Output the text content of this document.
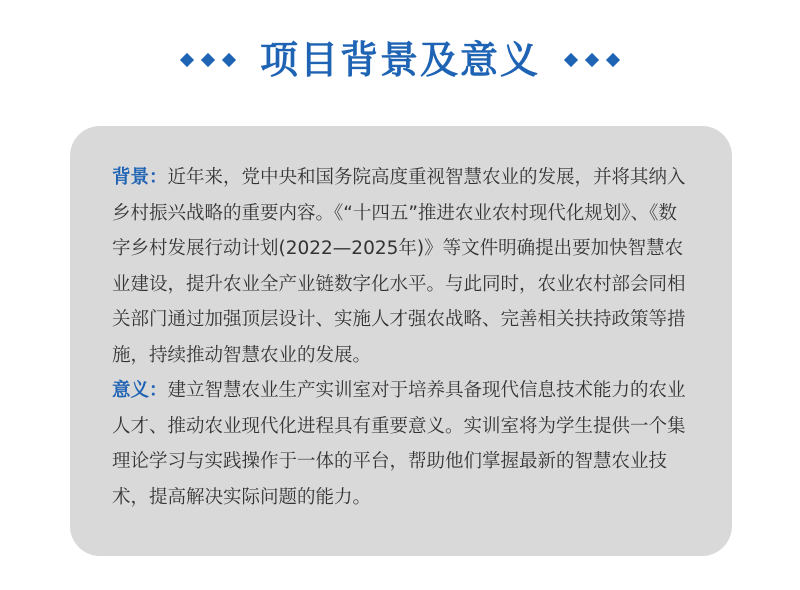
项目背景及意义

背景：近年来，党中央和国务院高度重视智慧农业的发展，并将其纳入乡村振兴战略的重要内容。《“十四五”推进农业农村现代化规划》、《数字乡村发展行动计划(2022—2025年)》等文件明确提出要加快智慧农业建设，提升农业全产业链数字化水平。与此同时，农业农村部会同相关部门通过加强顶层设计、实施人才强农战略、完善相关扶持政策等措施，持续推动智慧农业的发展。

意义：建立智慧农业生产实训室对于培养具备现代信息技术能力的农业人才、推动农业现代化进程具有重要意义。实训室将为学生提供一个集理论学习与实践操作于一体的平台，帮助他们掌握最新的智慧农业技术，提高解决实际问题的能力。
